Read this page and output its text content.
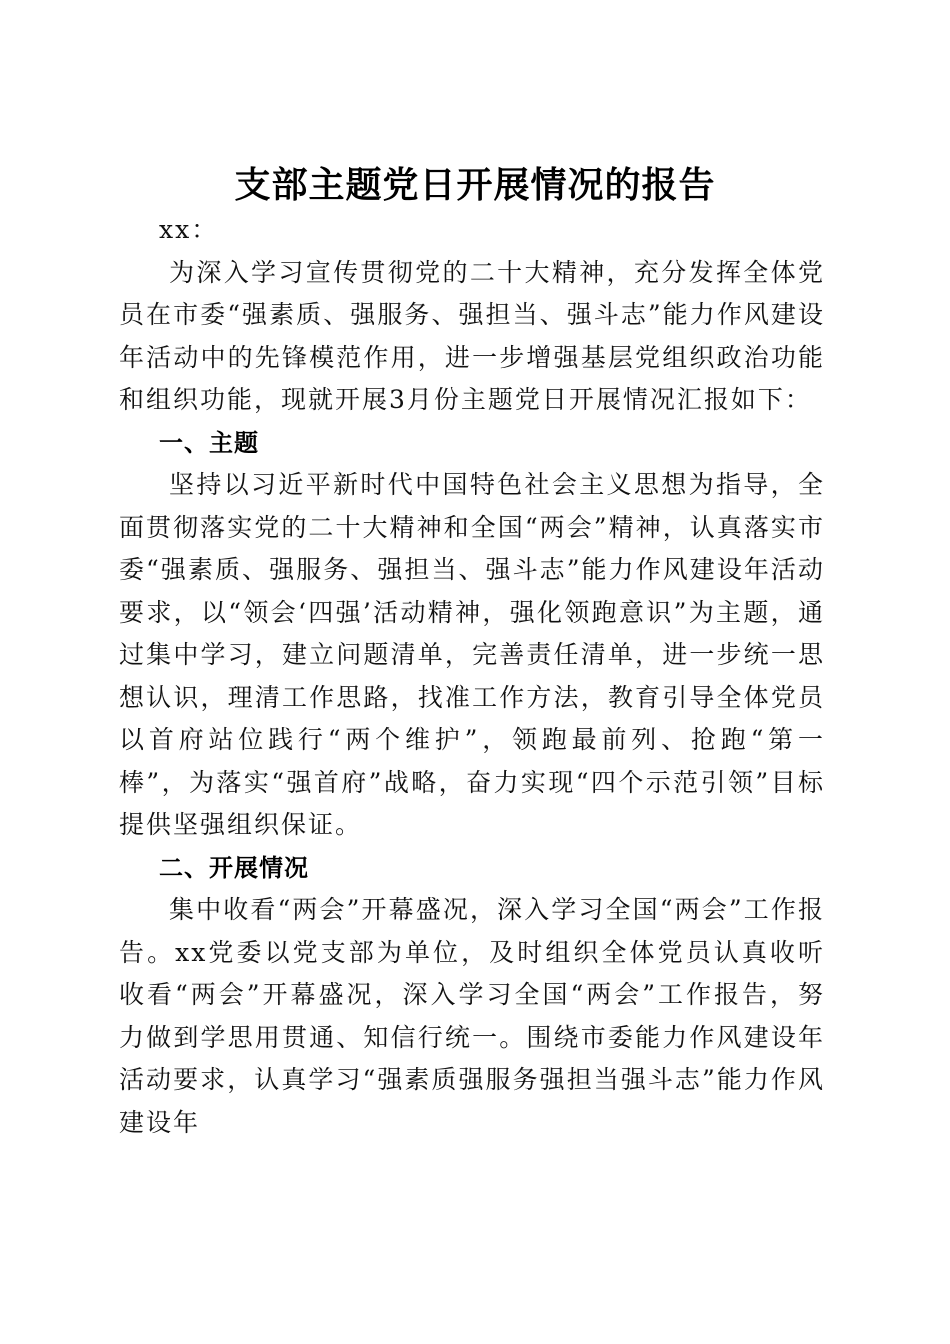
支部主题党日开展情况的报告

xx：

为深入学习宣传贯彻党的二十大精神，充分发挥全体党员在市委“强素质、强服务、强担当、强斗志”能力作风建设年活动中的先锋模范作用，进一步增强基层党组织政治功能和组织功能，现就开展3月份主题党日开展情况汇报如下：

一、主题

坚持以习近平新时代中国特色社会主义思想为指导，全面贯彻落实党的二十大精神和全国“两会”精神，认真落实市委“强素质、强服务、强担当、强斗志”能力作风建设年活动要求，以“领会‘四强’活动精神，强化领跑意识”为主题，通过集中学习，建立问题清单，完善责任清单，进一步统一思想认识，理清工作思路，找准工作方法，教育引导全体党员以首府站位践行“两个维护”，领跑最前列、抢跑“第一棒”，为落实“强首府”战略，奋力实现“四个示范引领”目标提供坚强组织保证。

二、开展情况

集中收看“两会”开幕盛况，深入学习全国“两会”工作报告。xx党委以党支部为单位，及时组织全体党员认真收听收看“两会”开幕盛况，深入学习全国“两会”工作报告，努力做到学思用贯通、知信行统一。围绕市委能力作风建设年活动要求，认真学习“强素质强服务强担当强斗志”能力作风建设年
